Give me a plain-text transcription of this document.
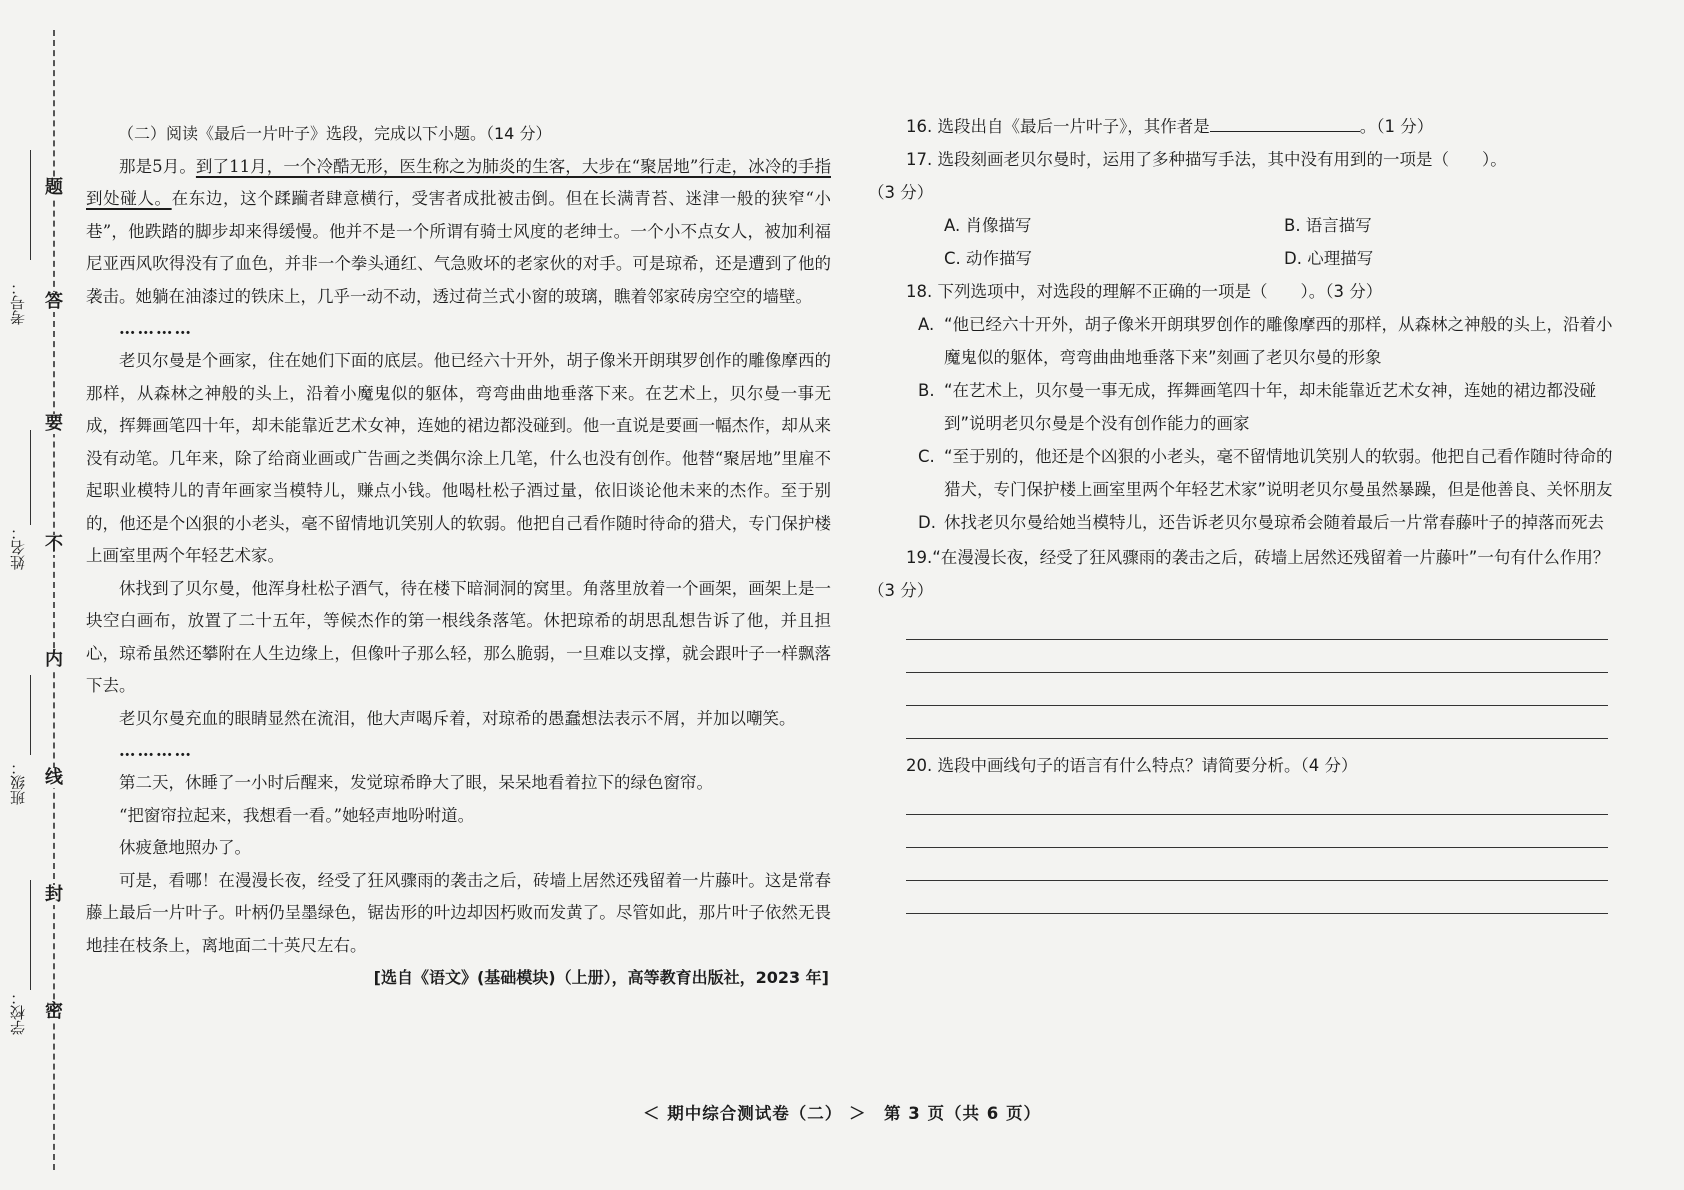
题
答
要
不
内
线
封
密
考号：
姓名：
班级：
学校：
（二）阅读《最后一片叶子》选段，完成以下小题。（14 分）

那是5月。到了11月，一个冷酷无形，医生称之为肺炎的生客，大步在“聚居地”行走，冰冷的手指到处碰人。在东边，这个蹂躏者肆意横行，受害者成批被击倒。但在长满青苔、迷津一般的狭窄“小巷”，他跌踏的脚步却来得缓慢。他并不是一个所谓有骑士风度的老绅士。一个小不点女人，被加利福尼亚西风吹得没有了血色，并非一个拳头通红、气急败坏的老家伙的对手。可是琼希，还是遭到了他的袭击。她躺在油漆过的铁床上，几乎一动不动，透过荷兰式小窗的玻璃，瞧着邻家砖房空空的墙壁。

…………

老贝尔曼是个画家，住在她们下面的底层。他已经六十开外，胡子像米开朗琪罗创作的雕像摩西的那样，从森林之神般的头上，沿着小魔鬼似的躯体，弯弯曲曲地垂落下来。在艺术上，贝尔曼一事无成，挥舞画笔四十年，却未能靠近艺术女神，连她的裙边都没碰到。他一直说是要画一幅杰作，却从来没有动笔。几年来，除了给商业画或广告画之类偶尔涂上几笔，什么也没有创作。他替“聚居地”里雇不起职业模特儿的青年画家当模特儿，赚点小钱。他喝杜松子酒过量，依旧谈论他未来的杰作。至于别的，他还是个凶狠的小老头，毫不留情地讥笑别人的软弱。他把自己看作随时待命的猎犬，专门保护楼上画室里两个年轻艺术家。

休找到了贝尔曼，他浑身杜松子酒气，待在楼下暗洞洞的窝里。角落里放着一个画架，画架上是一块空白画布，放置了二十五年，等候杰作的第一根线条落笔。休把琼希的胡思乱想告诉了他，并且担心，琼希虽然还攀附在人生边缘上，但像叶子那么轻，那么脆弱，一旦难以支撑，就会跟叶子一样飘落下去。

老贝尔曼充血的眼睛显然在流泪，他大声喝斥着，对琼希的愚蠢想法表示不屑，并加以嘲笑。

…………

第二天，休睡了一小时后醒来，发觉琼希睁大了眼，呆呆地看着拉下的绿色窗帘。

“把窗帘拉起来，我想看一看。”她轻声地吩咐道。

休疲惫地照办了。

可是，看哪！在漫漫长夜，经受了狂风骤雨的袭击之后，砖墙上居然还残留着一片藤叶。这是常春藤上最后一片叶子。叶柄仍呈墨绿色，锯齿形的叶边却因朽败而发黄了。尽管如此，那片叶子依然无畏地挂在枝条上，离地面二十英尺左右。

[选自《语文》(基础模块)（上册），高等教育出版社，2023 年]

16. 选段出自《最后一片叶子》，其作者是	。（1 分）

17. 选段刻画老贝尔曼时，运用了多种描写手法，其中没有用到的一项是（　　）。

（3 分）

A. 肖像描写	B. 语言描写
C. 动作描写	D. 心理描写

18. 下列选项中，对选段的理解不正确的一项是（　　）。（3 分）

A. “他已经六十开外，胡子像米开朗琪罗创作的雕像摩西的那样，从森林之神般的头上，沿着小魔鬼似的躯体，弯弯曲曲地垂落下来”刻画了老贝尔曼的形象

B. “在艺术上，贝尔曼一事无成，挥舞画笔四十年，却未能靠近艺术女神，连她的裙边都没碰到”说明老贝尔曼是个没有创作能力的画家

C. “至于别的，他还是个凶狠的小老头，毫不留情地讥笑别人的软弱。他把自己看作随时待命的猎犬，专门保护楼上画室里两个年轻艺术家”说明老贝尔曼虽然暴躁，但是他善良、关怀朋友

D. 休找老贝尔曼给她当模特儿，还告诉老贝尔曼琼希会随着最后一片常春藤叶子的掉落而死去

19.“在漫漫长夜，经受了狂风骤雨的袭击之后，砖墙上居然还残留着一片藤叶”一句有什么作用？（3 分）

20. 选段中画线句子的语言有什么特点？请简要分析。（4 分）

＜ 期中综合测试卷（二） ＞　第 3 页（共 6 页）
